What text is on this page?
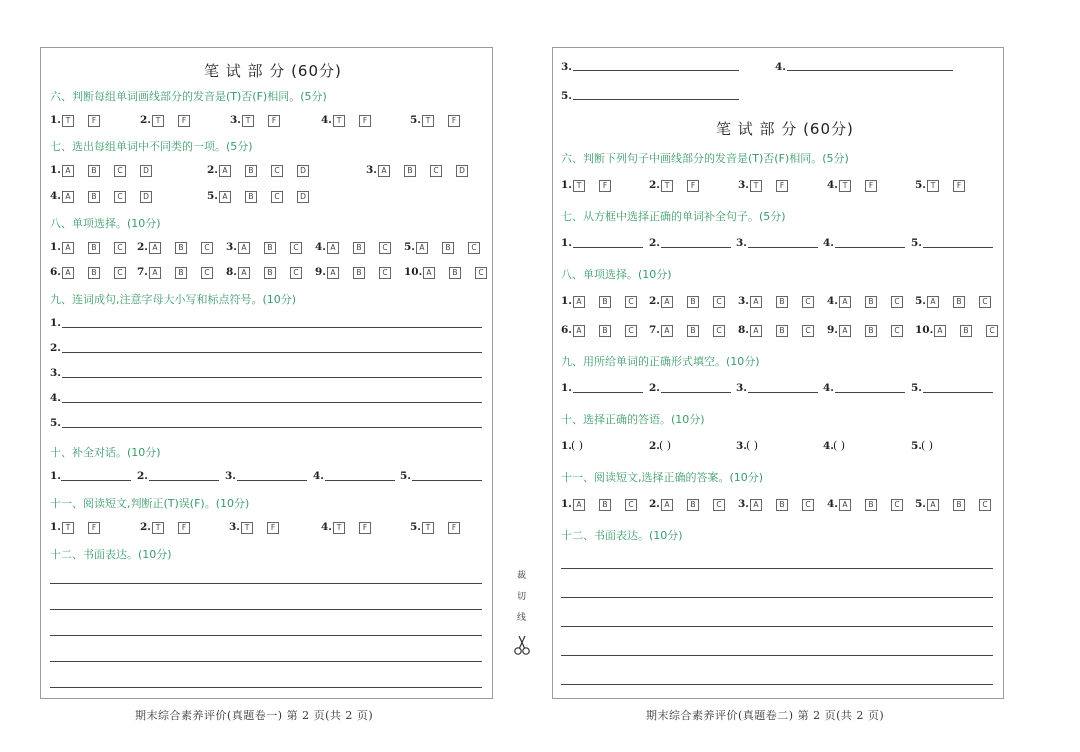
笔 试 部 分 (60分)
六、判断每组单词画线部分的发音是(T)否(F)相同。(5分)
七、选出每组单词中不同类的一项。(5分)
八、单项选择。(10分)
九、连词成句,注意字母大小写和标点符号。(10分)
十、补全对话。(10分)
十一、阅读短文,判断正(T)误(F)。(10分)
十二、书面表达。(10分)
期末综合素养评价(真题卷一) 第 2 页(共 2 页)
裁
切
线
3.	4.
5.
笔 试 部 分 (60分)
六、判断下列句子中画线部分的发音是(T)否(F)相同。(5分)
七、从方框中选择正确的单词补全句子。(5分)
八、单项选择。(10分)
九、用所给单词的正确形式填空。(10分)
十、选择正确的答语。(10分)
十一、阅读短文,选择正确的答案。(10分)
十二、书面表达。(10分)
期末综合素养评价(真题卷二) 第 2 页(共 2 页)
1. T	F	2. T	F	3. T	F	4. T	F	5. T	F
1. A	B	C	D	2. A	B	C	D	3. A	B	C	D
4. A	B	C	D	5. A	B	C	D
1. A	B	C	2. A	B	C	3. A	B	C	4. A	B	C	5. A	B	C
6. A	B	C	7. A	B	C	8. A	B	C	9. A	B	C	10. A	B	C
1.
2.
3.
4.
5.
1.	2.	3.	4.	5.
1. T	F	2. T	F	3. T	F	4. T	F	5. T	F
1. T	F	2. T	F	3. T	F	4. T	F	5. T	F
1.	2.	3.	4.	5.
1. A	B	C	2. A	B	C	3. A	B	C	4. A	B	C	5. A	B	C
6. A	B	C	7. A	B	C	8. A	B	C	9. A	B	C	10. A	B	C
1.	2.	3.	4.	5.
1. ( )	2. ( )	3. ( )	4. ( )	5. ( )
1. A	B	C	2. A	B	C	3. A	B	C	4. A	B	C	5. A	B	C
